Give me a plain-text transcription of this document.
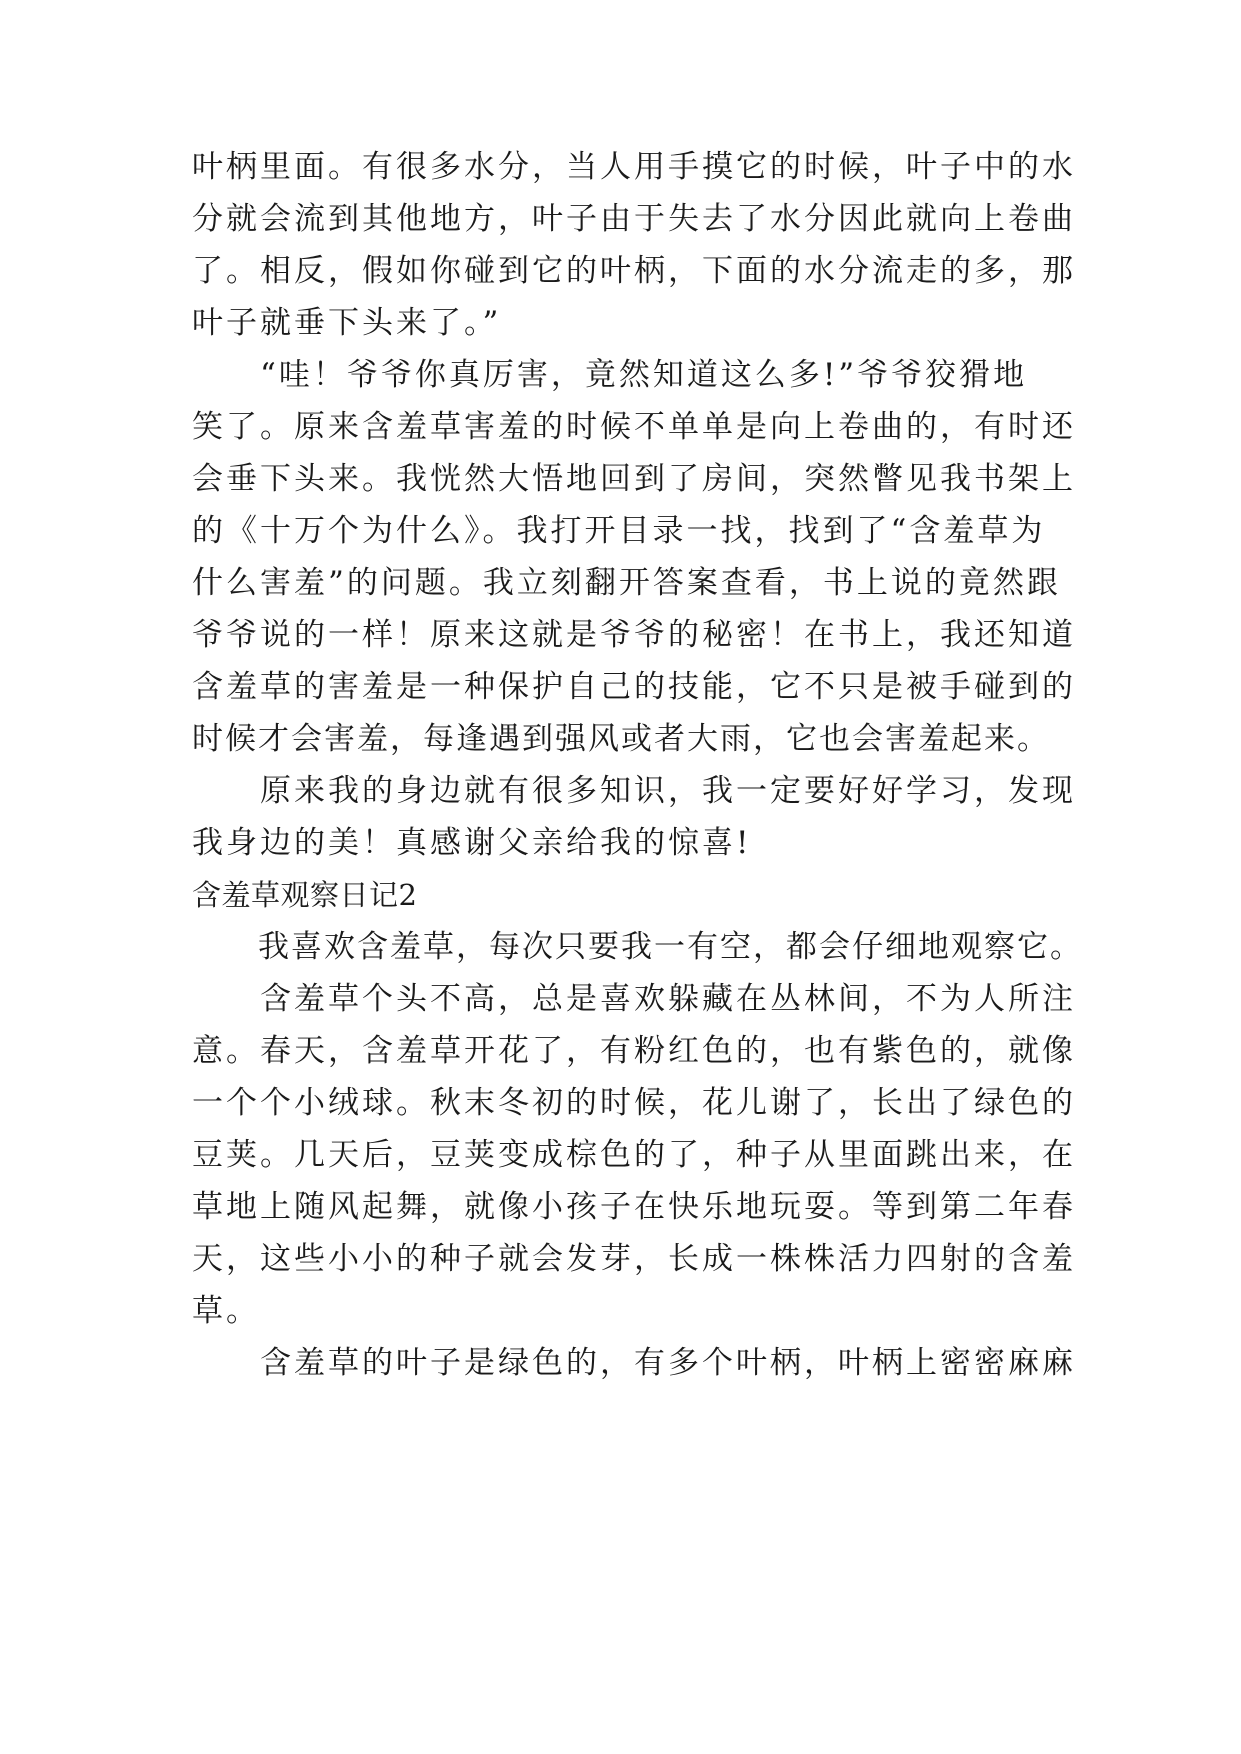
叶柄里面。有很多水分，当人用手摸它的时候，叶子中的水
分就会流到其他地方，叶子由于失去了水分因此就向上卷曲
了。相反，假如你碰到它的叶柄，下面的水分流走的多，那
叶子就垂下头来了。”
　　“哇！爷爷你真厉害，竟然知道这么多!”爷爷狡猾地
笑了。原来含羞草害羞的时候不单单是向上卷曲的，有时还
会垂下头来。我恍然大悟地回到了房间，突然瞥见我书架上
的《十万个为什么》。我打开目录一找，找到了“含羞草为
什么害羞”的问题。我立刻翻开答案查看，书上说的竟然跟
爷爷说的一样！原来这就是爷爷的秘密！在书上，我还知道
含羞草的害羞是一种保护自己的技能，它不只是被手碰到的
时候才会害羞，每逢遇到强风或者大雨，它也会害羞起来。
　　原来我的身边就有很多知识，我一定要好好学习，发现
我身边的美！真感谢父亲给我的惊喜!
含羞草观察日记2
　　我喜欢含羞草，每次只要我一有空，都会仔细地观察它。
　　含羞草个头不高，总是喜欢躲藏在丛林间，不为人所注
意。春天，含羞草开花了，有粉红色的，也有紫色的，就像
一个个小绒球。秋末冬初的时候，花儿谢了，长出了绿色的
豆荚。几天后，豆荚变成棕色的了，种子从里面跳出来，在
草地上随风起舞，就像小孩子在快乐地玩耍。等到第二年春
天，这些小小的种子就会发芽，长成一株株活力四射的含羞
草。
　　含羞草的叶子是绿色的，有多个叶柄，叶柄上密密麻麻
